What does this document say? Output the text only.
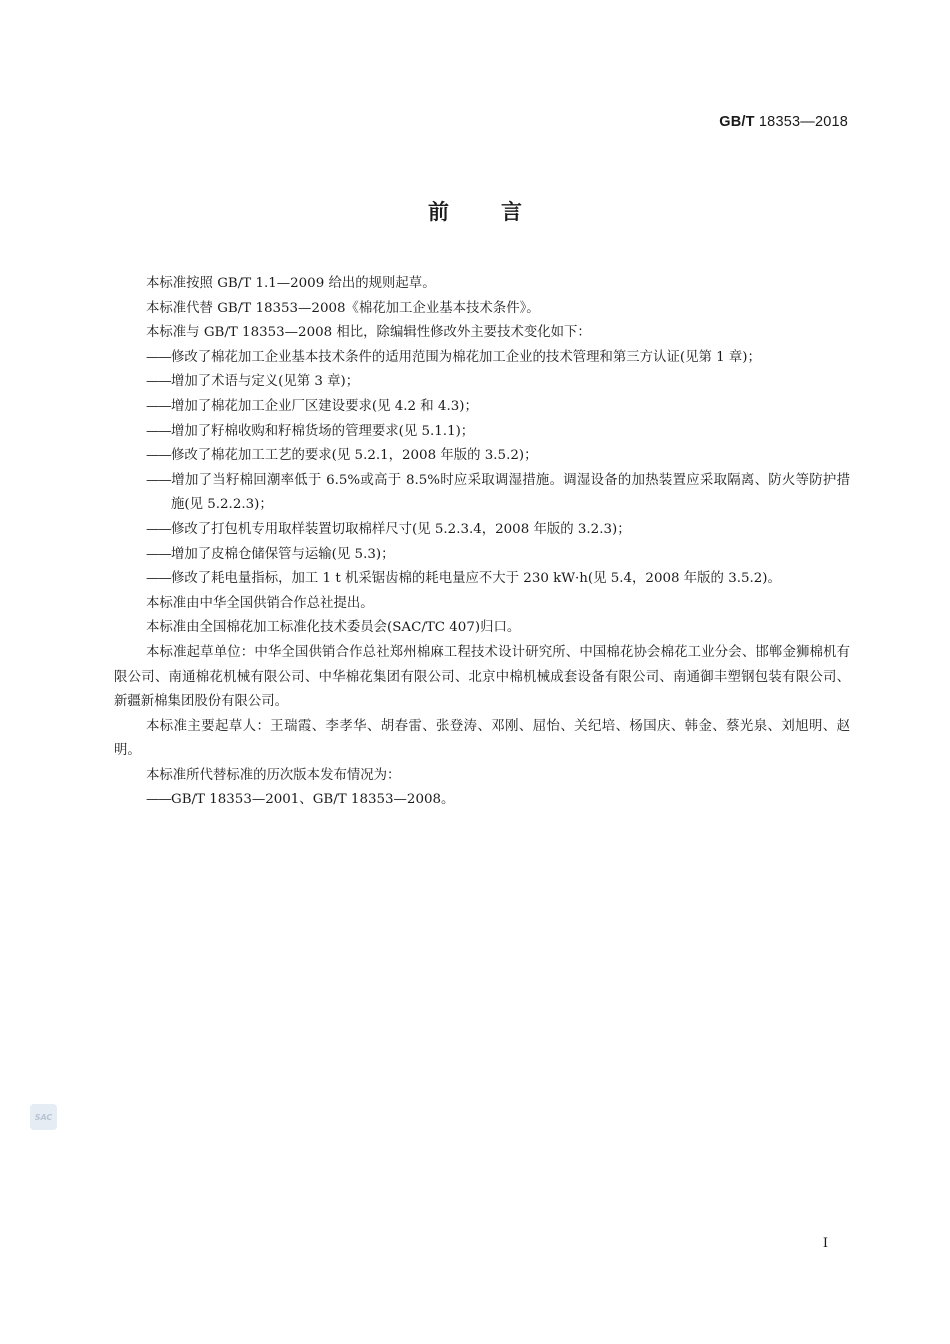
GB/T 18353—2018
前言

本标准按照 GB/T 1.1—2009 给出的规则起草。

本标准代替 GB/T 18353—2008《棉花加工企业基本技术条件》。

本标准与 GB/T 18353—2008 相比，除编辑性修改外主要技术变化如下：

——修改了棉花加工企业基本技术条件的适用范围为棉花加工企业的技术管理和第三方认证(见第 1 章)；

——增加了术语与定义(见第 3 章)；

——增加了棉花加工企业厂区建设要求(见 4.2 和 4.3)；

——增加了籽棉收购和籽棉货场的管理要求(见 5.1.1)；

——修改了棉花加工工艺的要求(见 5.2.1，2008 年版的 3.5.2)；

——增加了当籽棉回潮率低于 6.5%或高于 8.5%时应采取调湿措施。调湿设备的加热装置应采取隔离、防火等防护措施(见 5.2.2.3)；

——修改了打包机专用取样装置切取棉样尺寸(见 5.2.3.4，2008 年版的 3.2.3)；

——增加了皮棉仓储保管与运输(见 5.3)；

——修改了耗电量指标，加工 1 t 机采锯齿棉的耗电量应不大于 230 kW·h(见 5.4，2008 年版的 3.5.2)。

本标准由中华全国供销合作总社提出。

本标准由全国棉花加工标准化技术委员会(SAC/TC 407)归口。

本标准起草单位：中华全国供销合作总社郑州棉麻工程技术设计研究所、中国棉花协会棉花工业分会、邯郸金狮棉机有限公司、南通棉花机械有限公司、中华棉花集团有限公司、北京中棉机械成套设备有限公司、南通御丰塑钢包装有限公司、新疆新棉集团股份有限公司。

本标准主要起草人：王瑞霞、李孝华、胡春雷、张登涛、邓刚、屈怡、关纪培、杨国庆、韩金、蔡光泉、刘旭明、赵明。

本标准所代替标准的历次版本发布情况为：

——GB/T 18353—2001、GB/T 18353—2008。

SAC
I
